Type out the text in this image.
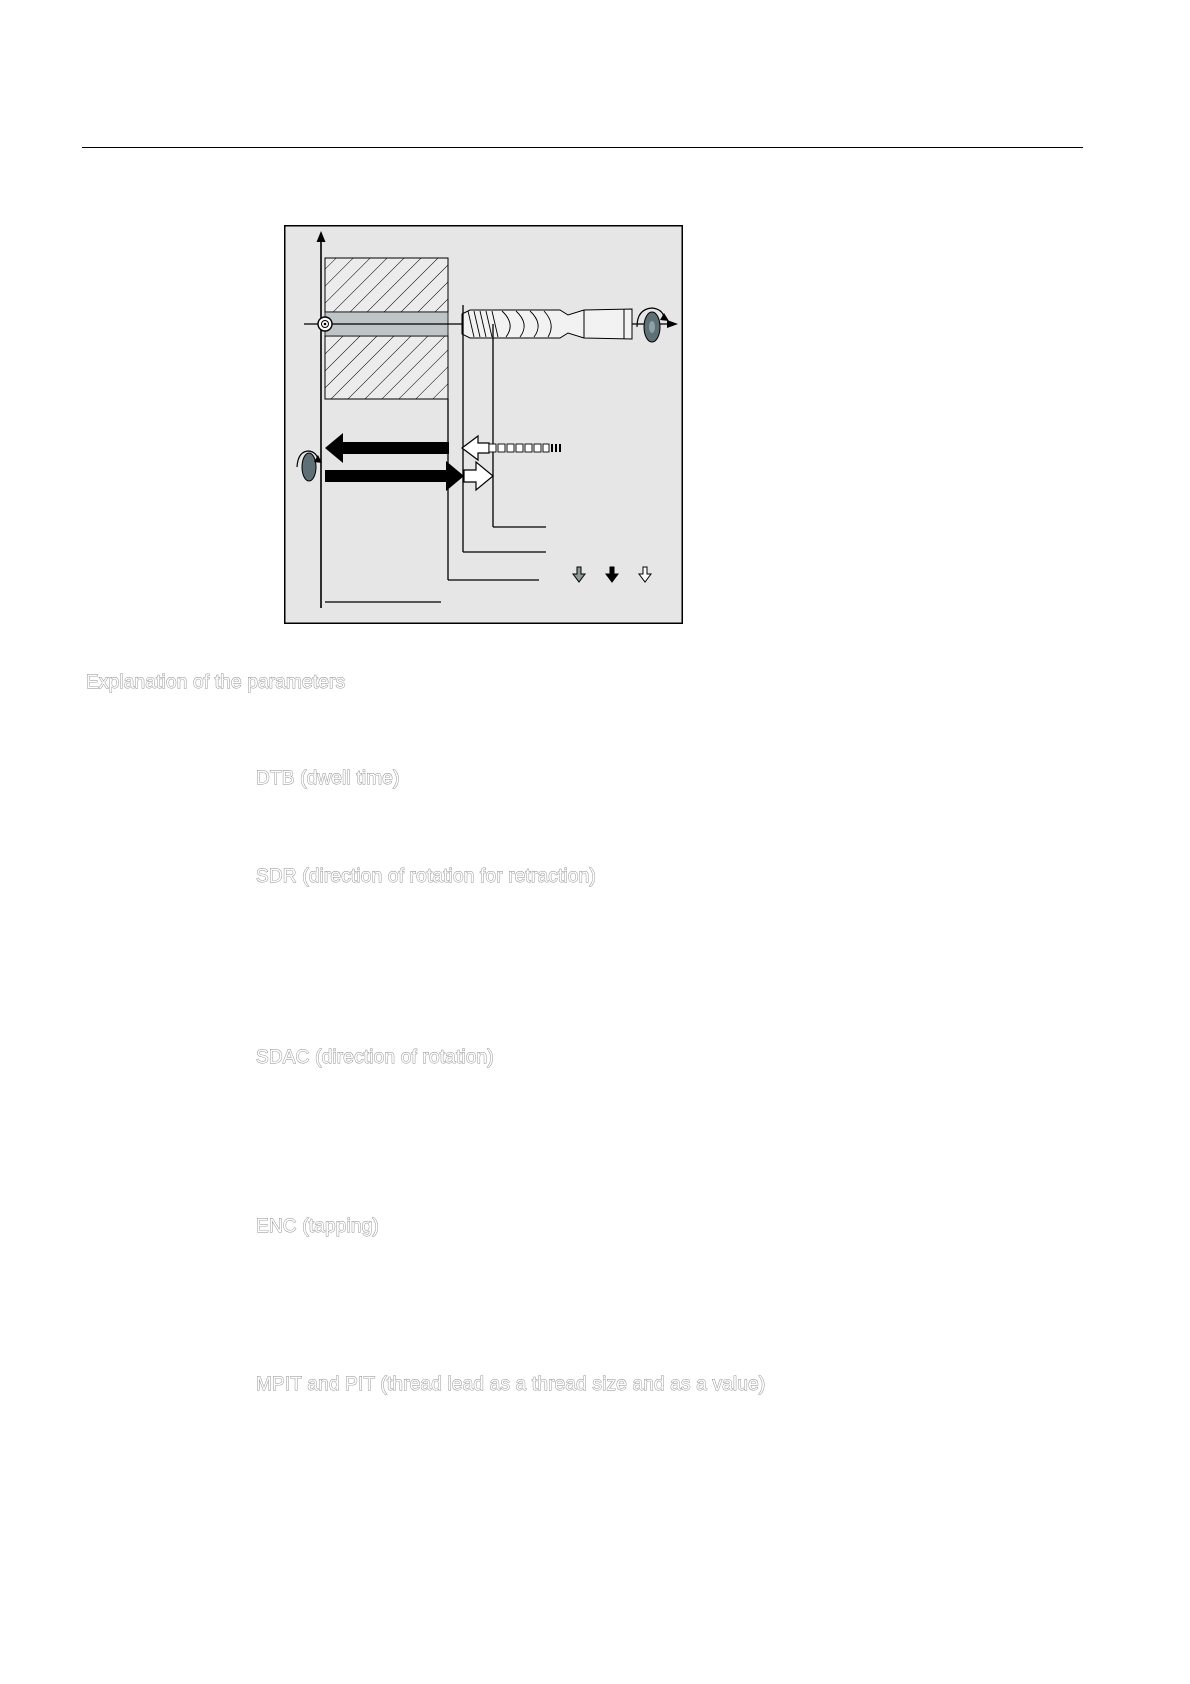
Explanation of the parameters

DTB (dwell time)

SDR (direction of rotation for retraction)

SDAC (direction of rotation)

ENC (tapping)

MPIT and PIT (thread lead as a thread size and as a value)
